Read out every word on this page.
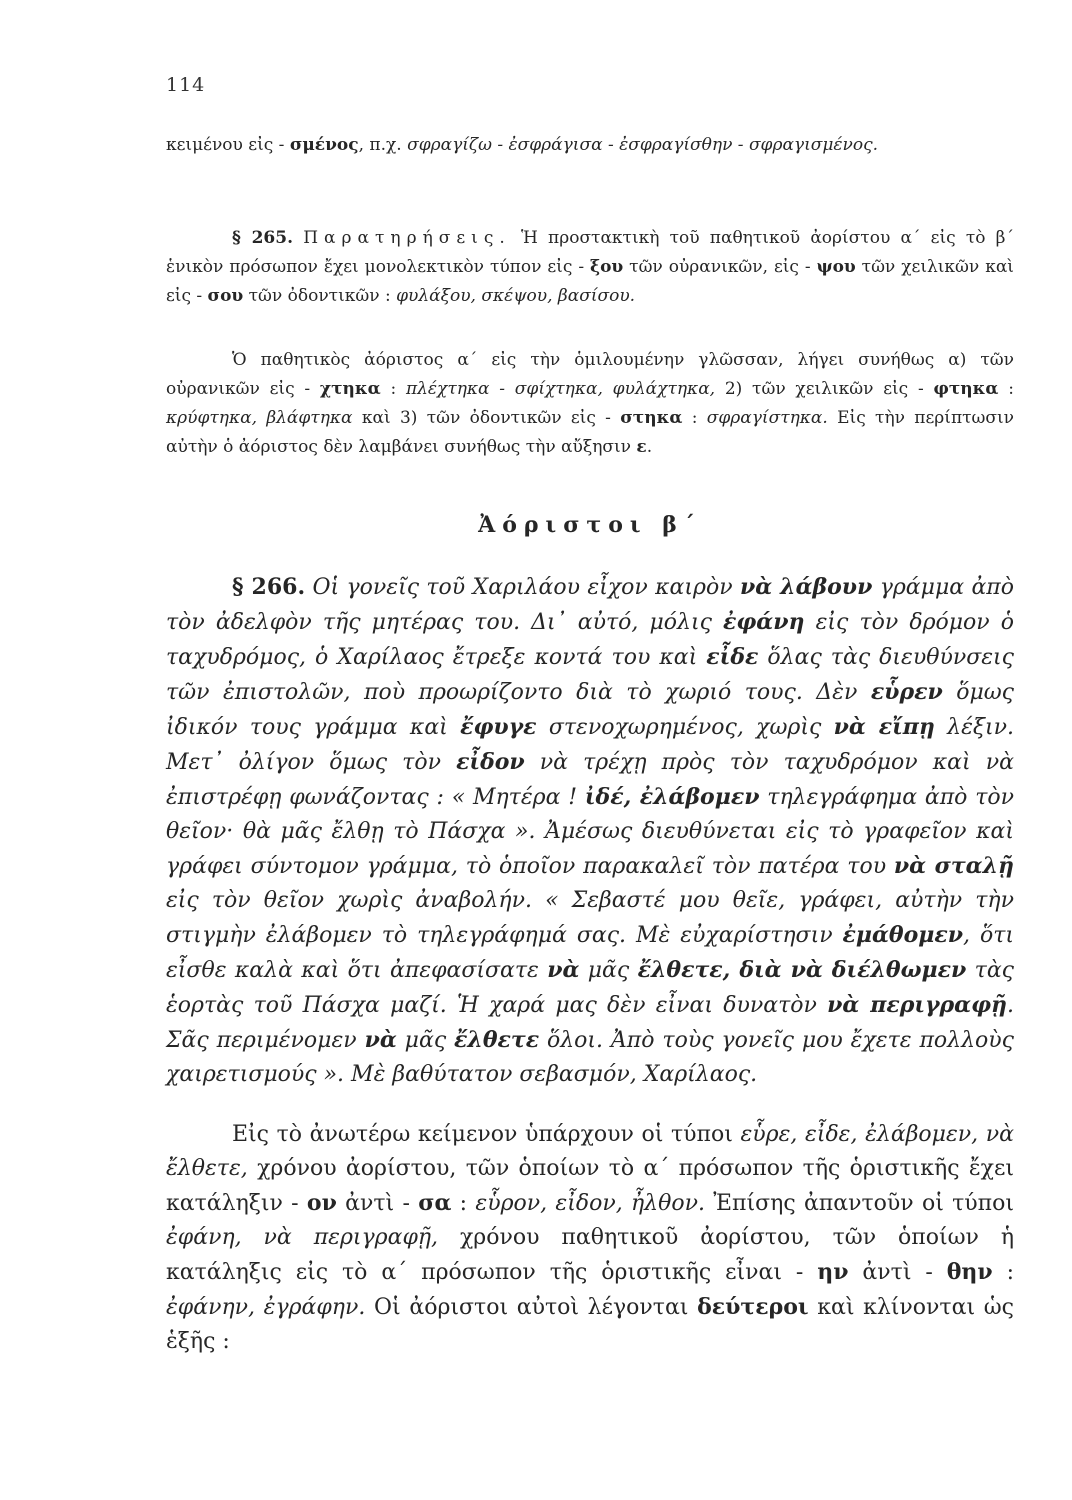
114

κειμένου εἰς - σμένος, π.χ. σφραγίζω - ἐσφράγισα - ἐσφραγίσθην - σφραγισμένος.

§ 265. Παρατηρήσεις. Ἡ προστακτικὴ τοῦ παθητικοῦ ἀορίστου α΄ εἰς τὸ β΄ ἑνικὸν πρόσωπον ἔχει μονολεκτικὸν τύπον εἰς - ξου τῶν οὐρανικῶν, εἰς - ψου τῶν χειλικῶν καὶ εἰς - σου τῶν ὀδοντικῶν : φυλάξου, σκέψου, βασίσου.

Ὁ παθητικὸς ἀόριστος α΄ εἰς τὴν ὁμιλουμένην γλῶσσαν, λήγει συνήθως α) τῶν οὐρανικῶν εἰς - χτηκα : πλέχτηκα - σφίχτηκα, φυλάχτηκα, 2) τῶν χειλικῶν εἰς - φτηκα : κρύφτηκα, βλάφτηκα καὶ 3) τῶν ὀδοντικῶν εἰς - στηκα : σφραγίστηκα. Εἰς τὴν περίπτωσιν αὐτὴν ὁ ἀόριστος δὲν λαμβάνει συνήθως τὴν αὔξησιν ε.

Ἀόριστοι β΄

§ 266. Οἱ γονεῖς τοῦ Χαριλάου εἶχον καιρὸν νὰ λάβουν γράμμα ἀπὸ τὸν ἀδελφὸν τῆς μητέρας του. Δι᾿ αὐτό, μόλις ἐφάνη εἰς τὸν δρόμον ὁ ταχυδρόμος, ὁ Χαρίλαος ἔτρεξε κοντά του καὶ εἶδε ὅλας τὰς διευθύνσεις τῶν ἐπιστολῶν, ποὺ προωρίζοντο διὰ τὸ χωριό τους. Δὲν εὗρεν ὅμως ἰδικόν τους γράμμα καὶ ἔφυγε στενοχωρημένος, χωρὶς νὰ εἴπῃ λέξιν. Μετ᾿ ὀλίγον ὅμως τὸν εἶδον νὰ τρέχῃ πρὸς τὸν ταχυδρόμον καὶ νὰ ἐπιστρέφῃ φωνάζοντας : « Μητέρα ! ἰδέ, ἐλάβομεν τηλεγράφημα ἀπὸ τὸν θεῖον· θὰ μᾶς ἔλθῃ τὸ Πάσχα ». Ἀμέσως διευθύνεται εἰς τὸ γραφεῖον καὶ γράφει σύντομον γράμμα, τὸ ὁποῖον παρακαλεῖ τὸν πατέρα του νὰ σταλῇ εἰς τὸν θεῖον χωρὶς ἀναβολήν. « Σεβαστέ μου θεῖε, γράφει, αὐτὴν τὴν στιγμὴν ἐλάβομεν τὸ τηλεγράφημά σας. Μὲ εὐχαρίστησιν ἐμάθομεν, ὅτι εἶσθε καλὰ καὶ ὅτι ἀπεφασίσατε νὰ μᾶς ἔλθετε, διὰ νὰ διέλθωμεν τὰς ἑορτὰς τοῦ Πάσχα μαζί. Ἡ χαρά μας δὲν εἶναι δυνατὸν νὰ περιγραφῇ. Σᾶς περιμένομεν νὰ μᾶς ἔλθετε ὅλοι. Ἀπὸ τοὺς γονεῖς μου ἔχετε πολλοὺς χαιρετισμούς ». Μὲ βαθύτατον σεβασμόν, Χαρίλαος.

Εἰς τὸ ἀνωτέρω κείμενον ὑπάρχουν οἱ τύποι εὗρε, εἶδε, ἐλάβομεν, νὰ ἔλθετε, χρόνου ἀορίστου, τῶν ὁποίων τὸ α΄ πρόσωπον τῆς ὁριστικῆς ἔχει κατάληξιν - ον ἀντὶ - σα : εὗρον, εἶδον, ἦλθον. Ἐπίσης ἀπαντοῦν οἱ τύποι ἐφάνη, νὰ περιγραφῇ, χρόνου παθητικοῦ ἀορίστου, τῶν ὁποίων ἡ κατάληξις εἰς τὸ α΄ πρόσωπον τῆς ὁριστικῆς εἶναι - ην ἀντὶ - θην : ἐφάνην, ἐγράφην. Οἱ ἀόριστοι αὐτοὶ λέγονται δεύτεροι καὶ κλίνονται ὡς ἑξῆς :
